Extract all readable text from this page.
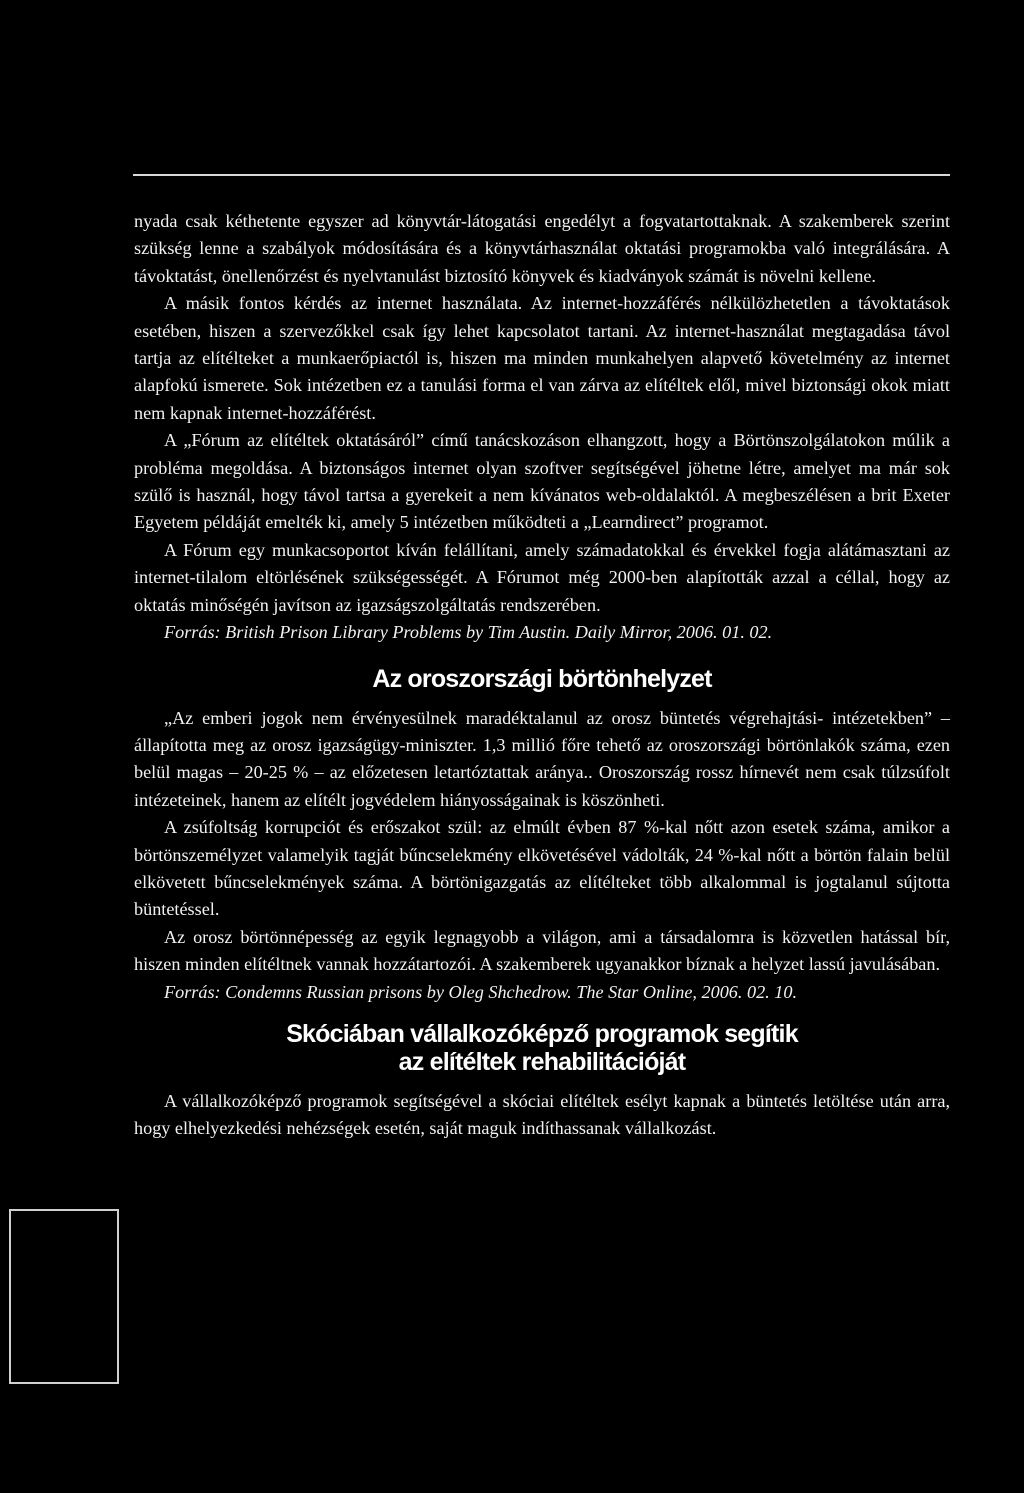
nyada csak kéthetente egyszer ad könyvtár-látogatási engedélyt a fogvatartottaknak. A szakemberek szerint szükség lenne a szabályok módosítására és a könyvtárhasználat oktatási programokba való integrálására. A távoktatást, önellenőrzést és nyelvtanulást biztosító könyvek és kiadványok számát is növelni kellene.

A másik fontos kérdés az internet használata. Az internet-hozzáférés nélkülözhetetlen a távoktatások esetében, hiszen a szervezőkkel csak így lehet kapcsolatot tartani. Az internet-használat megtagadása távol tartja az elítélteket a munkaerőpiactól is, hiszen ma minden munkahelyen alapvető követelmény az internet alapfokú ismerete. Sok intézetben ez a tanulási forma el van zárva az elítéltek elől, mivel biztonsági okok miatt nem kapnak internet-hozzáférést.

A „Fórum az elítéltek oktatásáról” című tanácskozáson elhangzott, hogy a Börtönszolgálatokon múlik a probléma megoldása. A biztonságos internet olyan szoftver segítségével jöhetne létre, amelyet ma már sok szülő is használ, hogy távol tartsa a gyerekeit a nem kívánatos web-oldalaktól. A megbeszélésen a brit Exeter Egyetem példáját emelték ki, amely 5 intézetben működteti a „Learndirect” programot.

A Fórum egy munkacsoportot kíván felállítani, amely számadatokkal és érvekkel fogja alátámasztani az internet-tilalom eltörlésének szükségességét. A Fórumot még 2000-ben alapították azzal a céllal, hogy az oktatás minőségén javítson az igazságszolgáltatás rendszerében.

Forrás: British Prison Library Problems by Tim Austin. Daily Mirror, 2006. 01. 02.

Az oroszországi börtönhelyzet

„Az emberi jogok nem érvényesülnek maradéktalanul az orosz büntetés végrehajtási- intézetekben” – állapította meg az orosz igazságügy-miniszter. 1,3 millió főre tehető az oroszországi börtönlakók száma, ezen belül magas – 20-25 % – az előzetesen letartóztattak aránya.. Oroszország rossz hírnevét nem csak túlzsúfolt intézeteinek, hanem az elítélt jogvédelem hiányosságainak is köszönheti.

A zsúfoltság korrupciót és erőszakot szül: az elmúlt évben 87 %-kal nőtt azon esetek száma, amikor a börtönszemélyzet valamelyik tagját bűncselekmény elkövetésével vádolták, 24 %-kal nőtt a börtön falain belül elkövetett bűncselekmények száma. A börtönigazgatás az elítélteket több alkalommal is jogtalanul sújtotta büntetéssel.

Az orosz börtönnépesség az egyik legnagyobb a világon, ami a társadalomra is közvetlen hatással bír, hiszen minden elítéltnek vannak hozzátartozói. A szakemberek ugyanakkor bíznak a helyzet lassú javulásában.

Forrás: Condemns Russian prisons by Oleg Shchedrow. The Star Online, 2006. 02. 10.

Skóciában vállalkozóképző programok segítik
az elítéltek rehabilitációját

A vállalkozóképző programok segítségével a skóciai elítéltek esélyt kapnak a büntetés letöltése után arra, hogy elhelyezkedési nehézségek esetén, saját maguk indíthassanak vállalkozást.
